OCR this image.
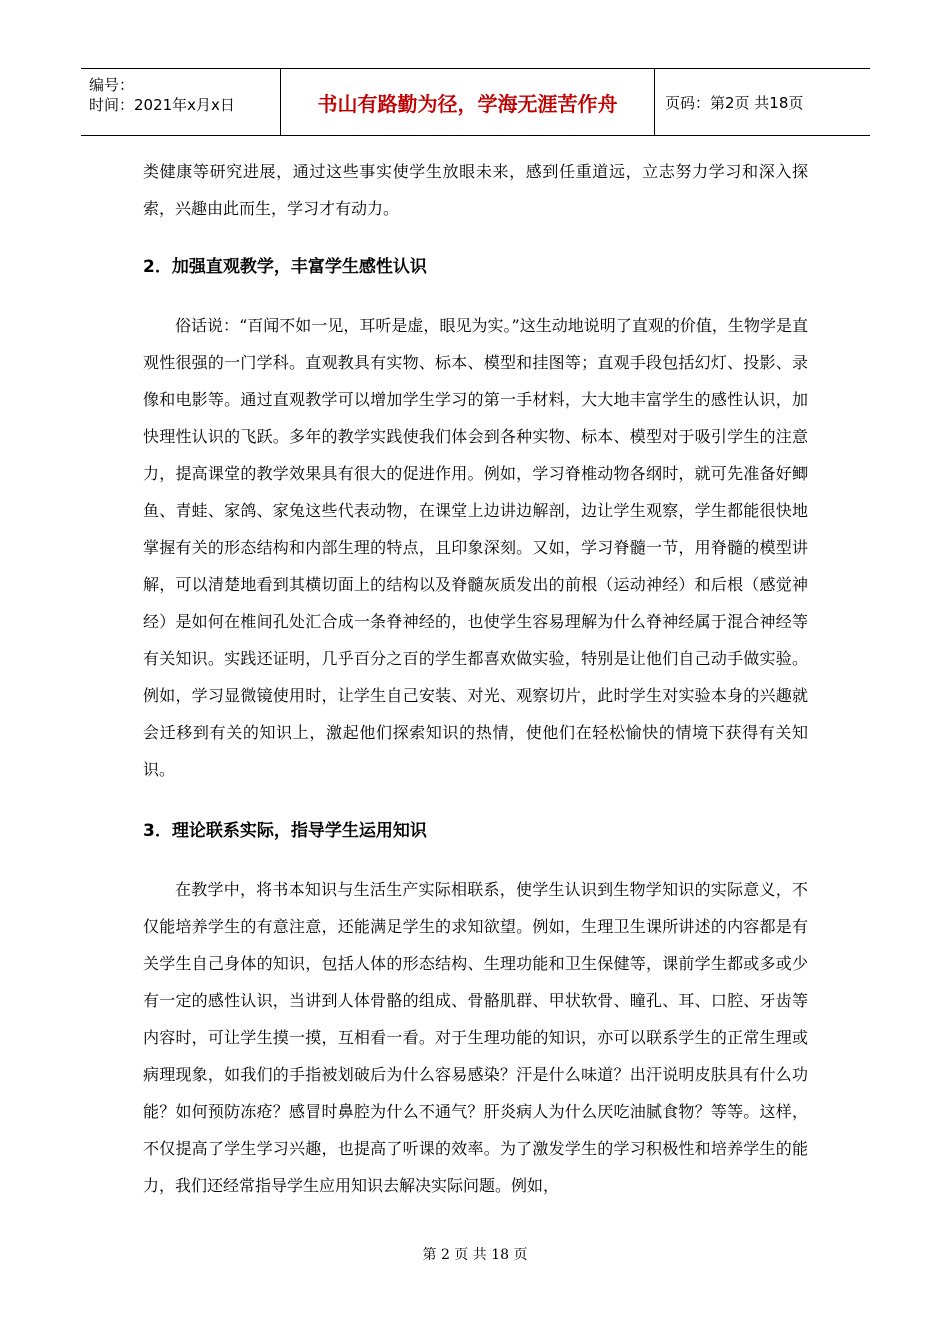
编号：
时间：2021年x月x日	书山有路勤为径，学海无涯苦作舟	页码：第2页 共18页

类健康等研究进展，通过这些事实使学生放眼未来，感到任重道远，立志努力学习和深入探索，兴趣由此而生，学习才有动力。

2．加强直观教学，丰富学生感性认识

俗话说：“百闻不如一见，耳听是虚，眼见为实。”这生动地说明了直观的价值，生物学是直观性很强的一门学科。直观教具有实物、标本、模型和挂图等；直观手段包括幻灯、投影、录像和电影等。通过直观教学可以增加学生学习的第一手材料，大大地丰富学生的感性认识，加快理性认识的飞跃。多年的教学实践使我们体会到各种实物、标本、模型对于吸引学生的注意力，提高课堂的教学效果具有很大的促进作用。例如，学习脊椎动物各纲时，就可先准备好鲫鱼、青蛙、家鸽、家兔这些代表动物，在课堂上边讲边解剖，边让学生观察，学生都能很快地掌握有关的形态结构和内部生理的特点，且印象深刻。又如，学习脊髓一节，用脊髓的模型讲解，可以清楚地看到其横切面上的结构以及脊髓灰质发出的前根（运动神经）和后根（感觉神经）是如何在椎间孔处汇合成一条脊神经的，也使学生容易理解为什么脊神经属于混合神经等有关知识。实践还证明，几乎百分之百的学生都喜欢做实验，特别是让他们自己动手做实验。例如，学习显微镜使用时，让学生自己安装、对光、观察切片，此时学生对实验本身的兴趣就会迁移到有关的知识上，激起他们探索知识的热情，使他们在轻松愉快的情境下获得有关知识。

3．理论联系实际，指导学生运用知识

在教学中，将书本知识与生活生产实际相联系，使学生认识到生物学知识的实际意义，不仅能培养学生的有意注意，还能满足学生的求知欲望。例如，生理卫生课所讲述的内容都是有关学生自己身体的知识，包括人体的形态结构、生理功能和卫生保健等，课前学生都或多或少有一定的感性认识，当讲到人体骨骼的组成、骨骼肌群、甲状软骨、瞳孔、耳、口腔、牙齿等内容时，可让学生摸一摸，互相看一看。对于生理功能的知识，亦可以联系学生的正常生理或病理现象，如我们的手指被划破后为什么容易感染？汗是什么味道？出汗说明皮肤具有什么功能？如何预防冻疮？感冒时鼻腔为什么不通气？肝炎病人为什么厌吃油腻食物？等等。这样，不仅提高了学生学习兴趣，也提高了听课的效率。为了激发学生的学习积极性和培养学生的能力，我们还经常指导学生应用知识去解决实际问题。例如，

第 2 页 共 18 页
